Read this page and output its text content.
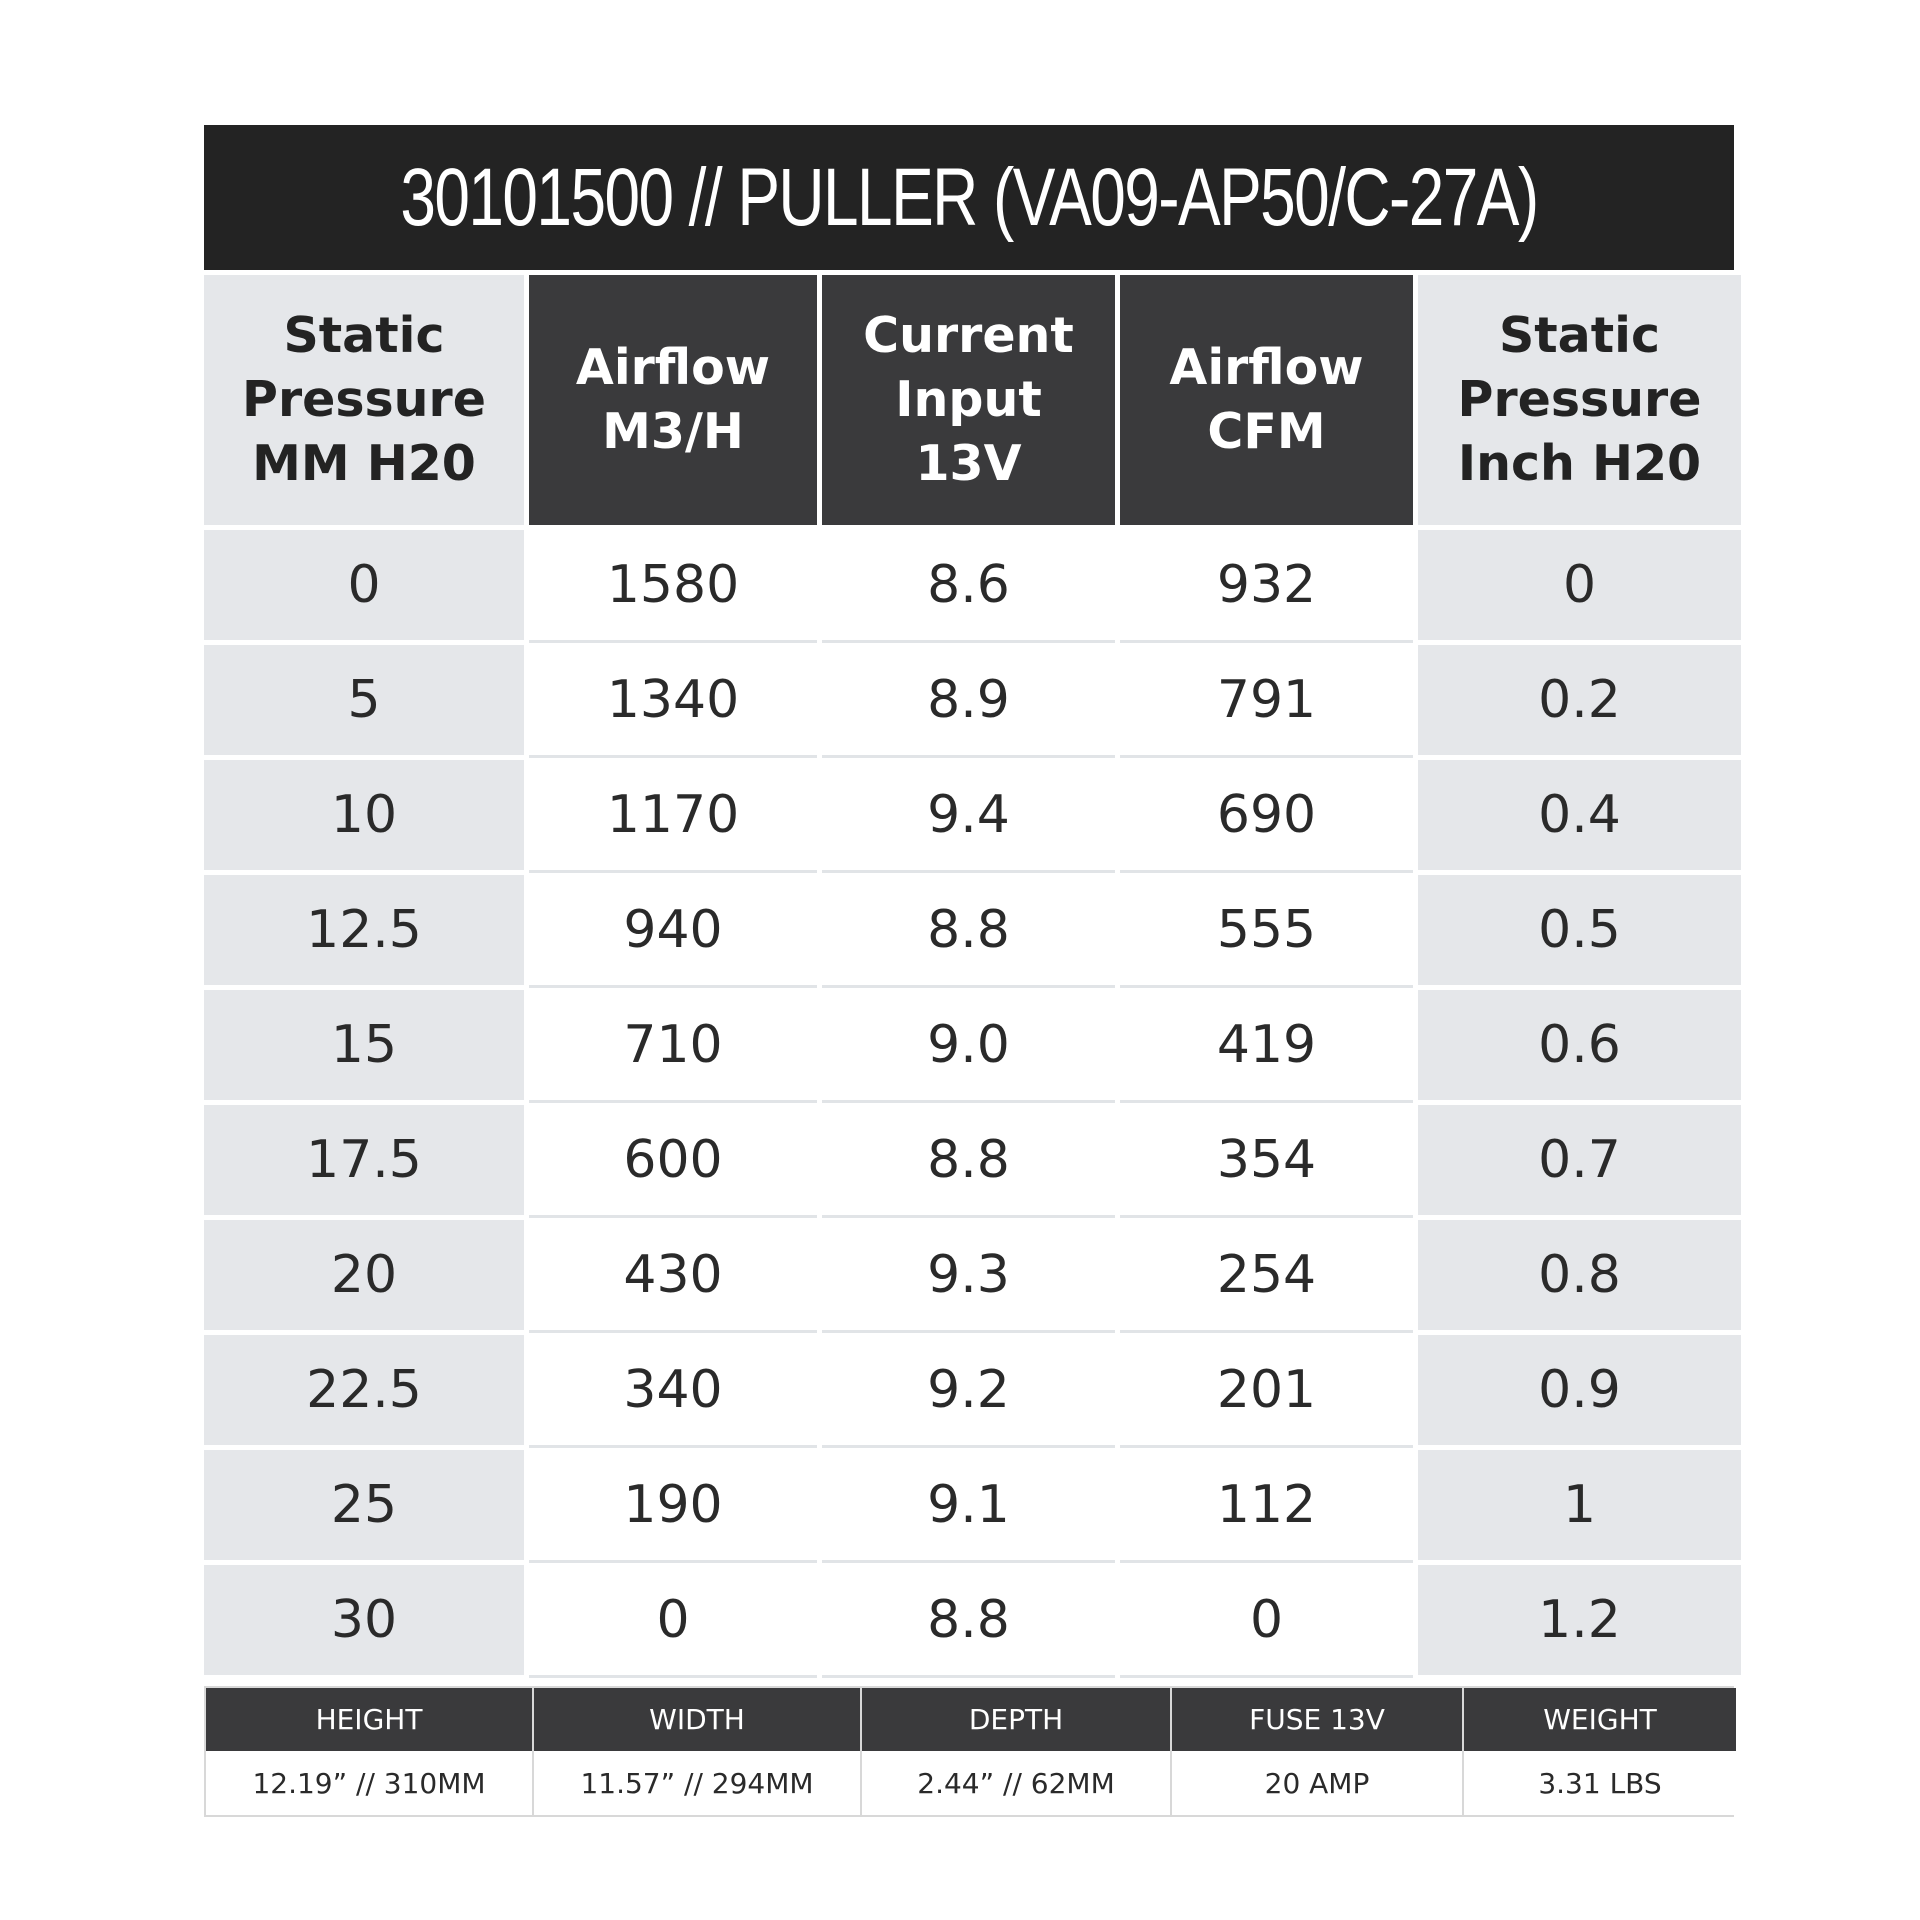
30101500 // PULLER (VA09-AP50/C-27A)
Static
Pressure
MM H20
0
5
10
12.5
15
17.5
20
22.5
25
30
Airflow
M3/H
1580
1340
1170
940
710
600
430
340
190
0
Current
Input
13V
8.6
8.9
9.4
8.8
9.0
8.8
9.3
9.2
9.1
8.8
Airflow
CFM
932
791
690
555
419
354
254
201
112
0
Static
Pressure
Inch H20
0
0.2
0.4
0.5
0.6
0.7
0.8
0.9
1
1.2
HEIGHT
12.19” // 310MM
WIDTH
11.57” // 294MM
DEPTH
2.44” // 62MM
FUSE 13V
20 AMP
WEIGHT
3.31 LBS
